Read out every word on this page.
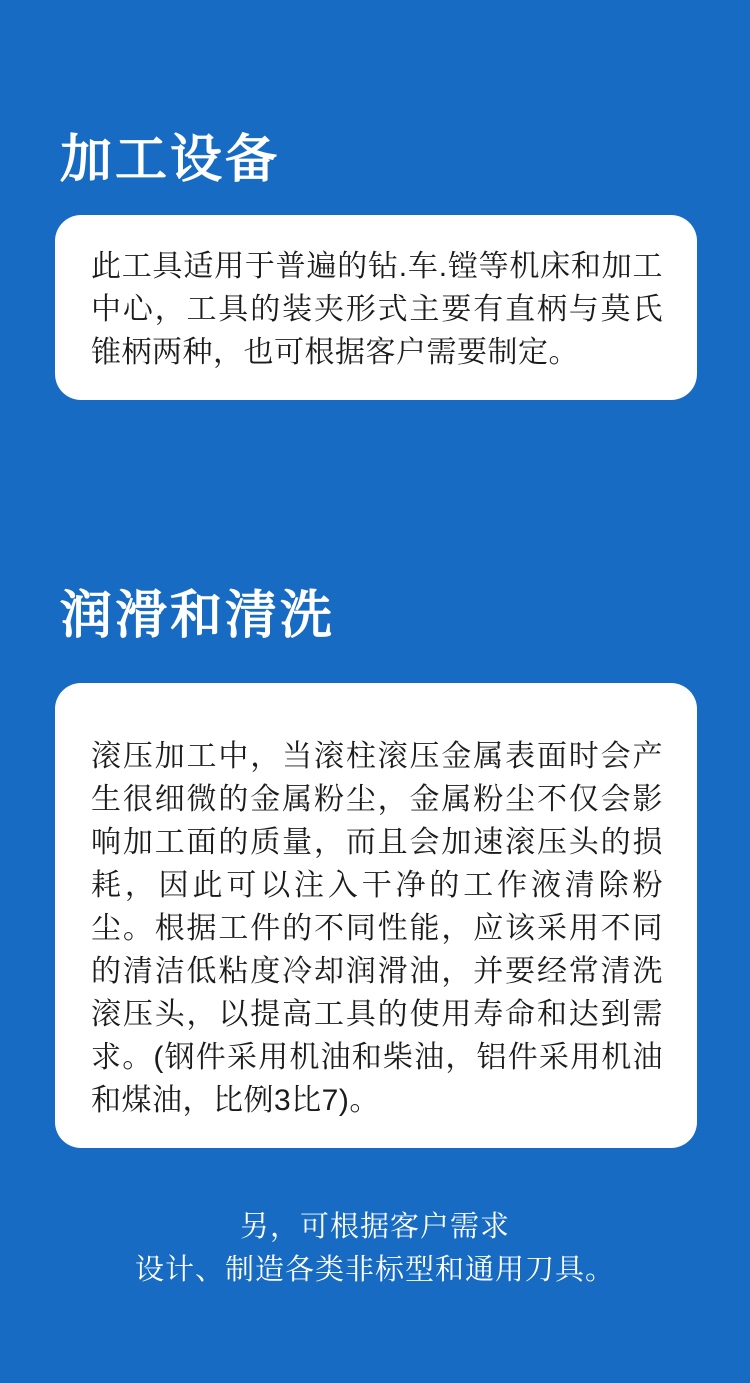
加工设备

此工具适用于普遍的钻.车.镗等机床和加工中心，工具的装夹形式主要有直柄与莫氏锥柄两种，也可根据客户需要制定。

润滑和清洗

滚压加工中，当滚柱滚压金属表面时会产生很细微的金属粉尘，金属粉尘不仅会影响加工面的质量，而且会加速滚压头的损耗，因此可以注入干净的工作液清除粉尘。根据工件的不同性能，应该采用不同的清洁低粘度冷却润滑油，并要经常清洗滚压头，以提高工具的使用寿命和达到需求。(钢件采用机油和柴油，铝件采用机油和煤油，比例3比7)。

另，可根据客户需求
设计、制造各类非标型和通用刀具。
